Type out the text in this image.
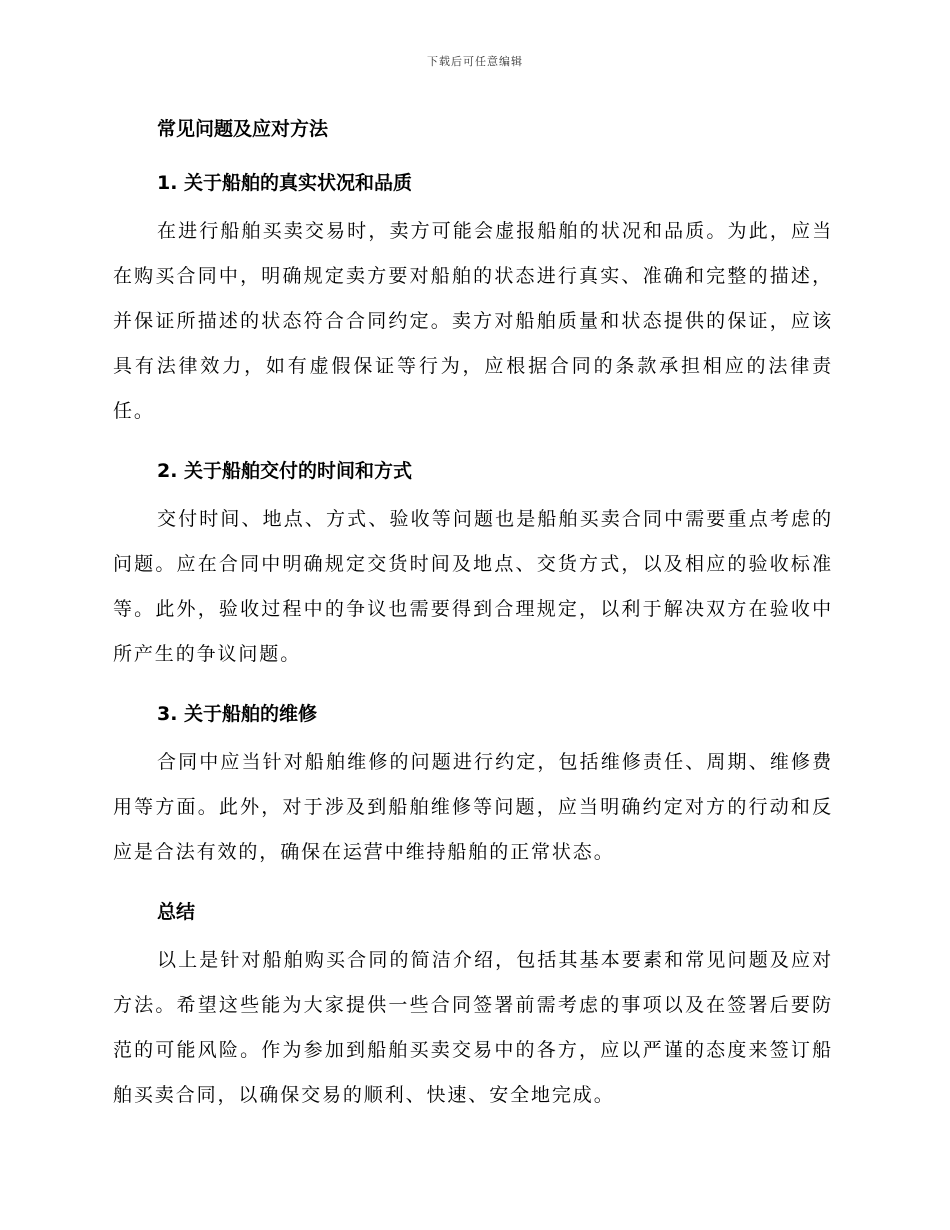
下载后可任意编辑
常见问题及应对方法
1. 关于船舶的真实状况和品质

在进行船舶买卖交易时，卖方可能会虚报船舶的状况和品质。为此，应当在购买合同中，明确规定卖方要对船舶的状态进行真实、准确和完整的描述，并保证所描述的状态符合合同约定。卖方对船舶质量和状态提供的保证，应该具有法律效力，如有虚假保证等行为，应根据合同的条款承担相应的法律责任。

2. 关于船舶交付的时间和方式

交付时间、地点、方式、验收等问题也是船舶买卖合同中需要重点考虑的问题。应在合同中明确规定交货时间及地点、交货方式，以及相应的验收标准等。此外，验收过程中的争议也需要得到合理规定，以利于解决双方在验收中所产生的争议问题。

3. 关于船舶的维修

合同中应当针对船舶维修的问题进行约定，包括维修责任、周期、维修费用等方面。此外，对于涉及到船舶维修等问题，应当明确约定对方的行动和反应是合法有效的，确保在运营中维持船舶的正常状态。

总结

以上是针对船舶购买合同的简洁介绍，包括其基本要素和常见问题及应对方法。希望这些能为大家提供一些合同签署前需考虑的事项以及在签署后要防范的可能风险。作为参加到船舶买卖交易中的各方，应以严谨的态度来签订船舶买卖合同，以确保交易的顺利、快速、安全地完成。
